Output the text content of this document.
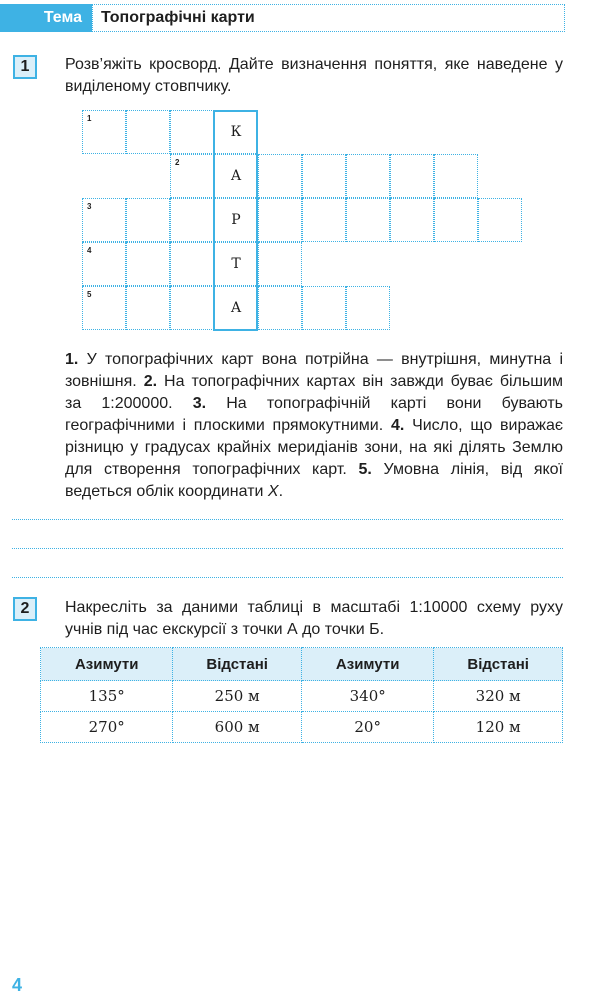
Тема	Топографічні карти
1	Розв’яжіть кросворд. Дайте визначення поняття, яке наведене у виділеному стовпчику.
К
1
А
2
Р
3
Т
4
А
5
1. У топографічних карт вона потрійна — внутрішня, минутна і зовнішня. 2. На топографічних картах він завжди буває більшим за 1:200000. 3. На топографічній карті вони бувають географічними і плоскими прямокутними. 4. Число, що виражає різницю у градусах крайніх меридіанів зони, на які ділять Землю для створення топографічних карт. 5. Умовна лінія, від якої ведеться облік координати X.
2	Накресліть за даними таблиці в масштабі 1:10000 схему руху учнів під час екскурсії з точки А до точки Б.
Азимути	Відстані	Азимути	Відстані
135°	250 м	340°	320 м
270°	600 м	20°	120 м
4
